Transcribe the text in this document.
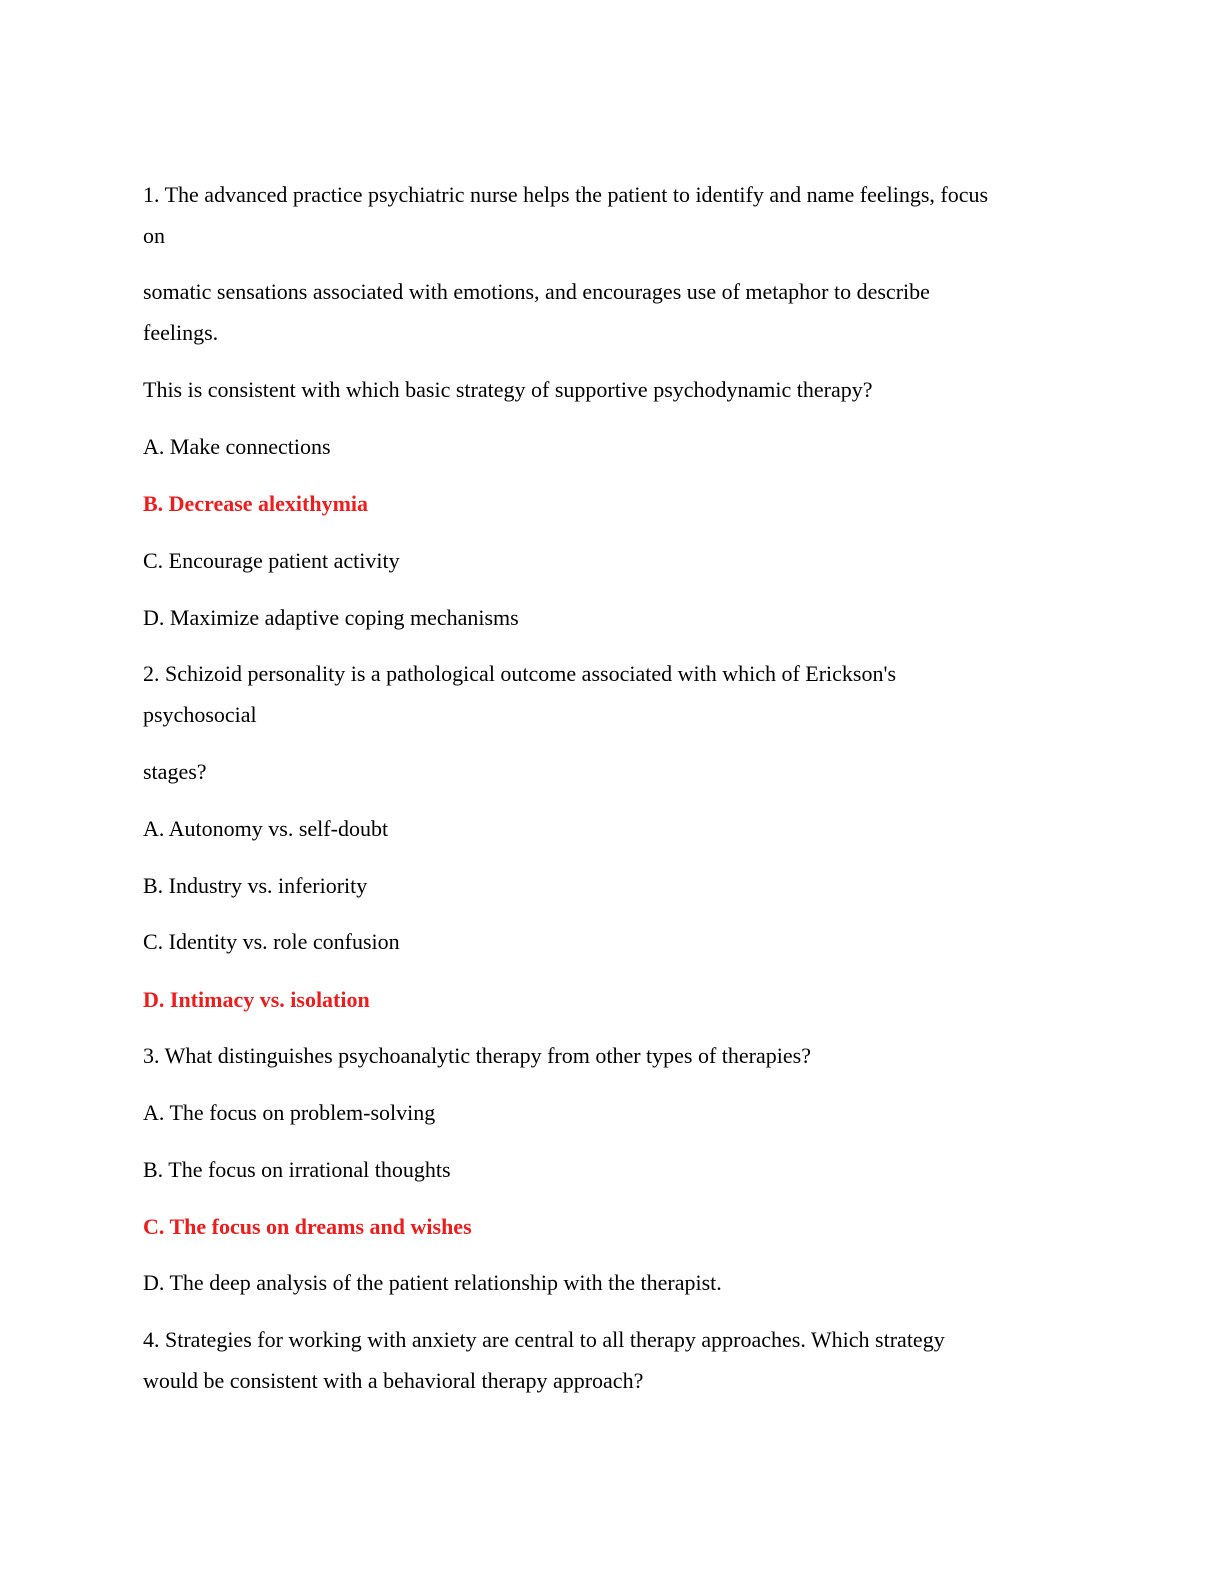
1. The advanced practice psychiatric nurse helps the patient to identify and name feelings, focus

on

somatic sensations associated with emotions, and encourages use of metaphor to describe

feelings.

This is consistent with which basic strategy of supportive psychodynamic therapy?

A. Make connections

B. Decrease alexithymia

C. Encourage patient activity

D. Maximize adaptive coping mechanisms

2. Schizoid personality is a pathological outcome associated with which of Erickson's

psychosocial

stages?

A. Autonomy vs. self-doubt

B. Industry vs. inferiority

C. Identity vs. role confusion

D. Intimacy vs. isolation

3. What distinguishes psychoanalytic therapy from other types of therapies?

A. The focus on problem-solving

B. The focus on irrational thoughts

C. The focus on dreams and wishes

D. The deep analysis of the patient relationship with the therapist.

4. Strategies for working with anxiety are central to all therapy approaches. Which strategy

would be consistent with a behavioral therapy approach?
